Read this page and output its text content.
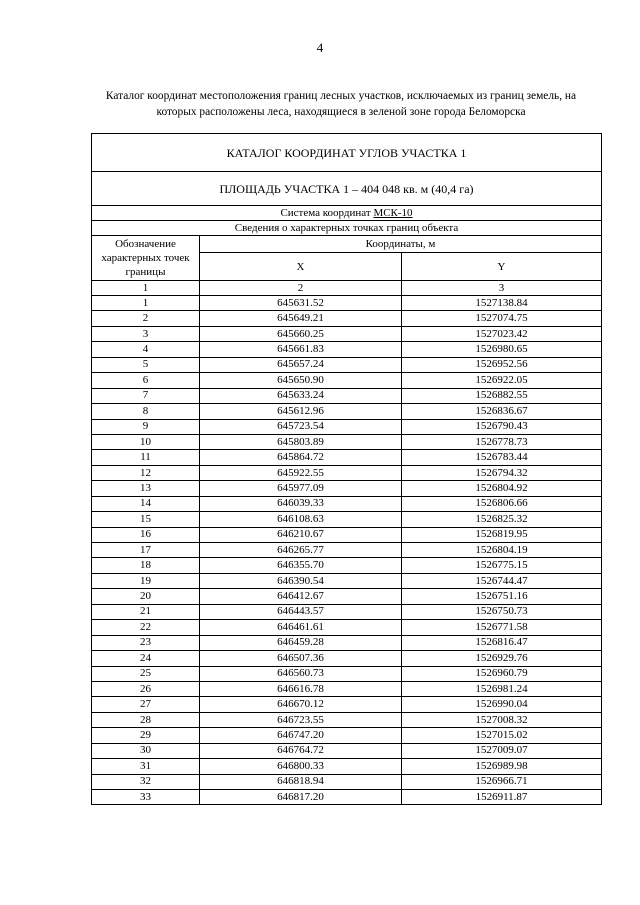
4
Каталог координат местоположения границ лесных участков, исключаемых из границ земель, на которых расположены леса, находящиеся в зеленой зоне города Беломорска
КАТАЛОГ КООРДИНАТ УГЛОВ УЧАСТКА 1		
ПЛОЩАДЬ УЧАСТКА 1 – 404 048 кв. м (40,4 га)		
Система координат МСК-10		
Сведения о характерных точках границ объекта		
Обозначение характерных точек границы	Координаты, м	
	X	Y
1	2	3
1	645631.52	1527138.84
2	645649.21	1527074.75
3	645660.25	1527023.42
4	645661.83	1526980.65
5	645657.24	1526952.56
6	645650.90	1526922.05
7	645633.24	1526882.55
8	645612.96	1526836.67
9	645723.54	1526790.43
10	645803.89	1526778.73
11	645864.72	1526783.44
12	645922.55	1526794.32
13	645977.09	1526804.92
14	646039.33	1526806.66
15	646108.63	1526825.32
16	646210.67	1526819.95
17	646265.77	1526804.19
18	646355.70	1526775.15
19	646390.54	1526744.47
20	646412.67	1526751.16
21	646443.57	1526750.73
22	646461.61	1526771.58
23	646459.28	1526816.47
24	646507.36	1526929.76
25	646560.73	1526960.79
26	646616.78	1526981.24
27	646670.12	1526990.04
28	646723.55	1527008.32
29	646747.20	1527015.02
30	646764.72	1527009.07
31	646800.33	1526989.98
32	646818.94	1526966.71
33	646817.20	1526911.87
